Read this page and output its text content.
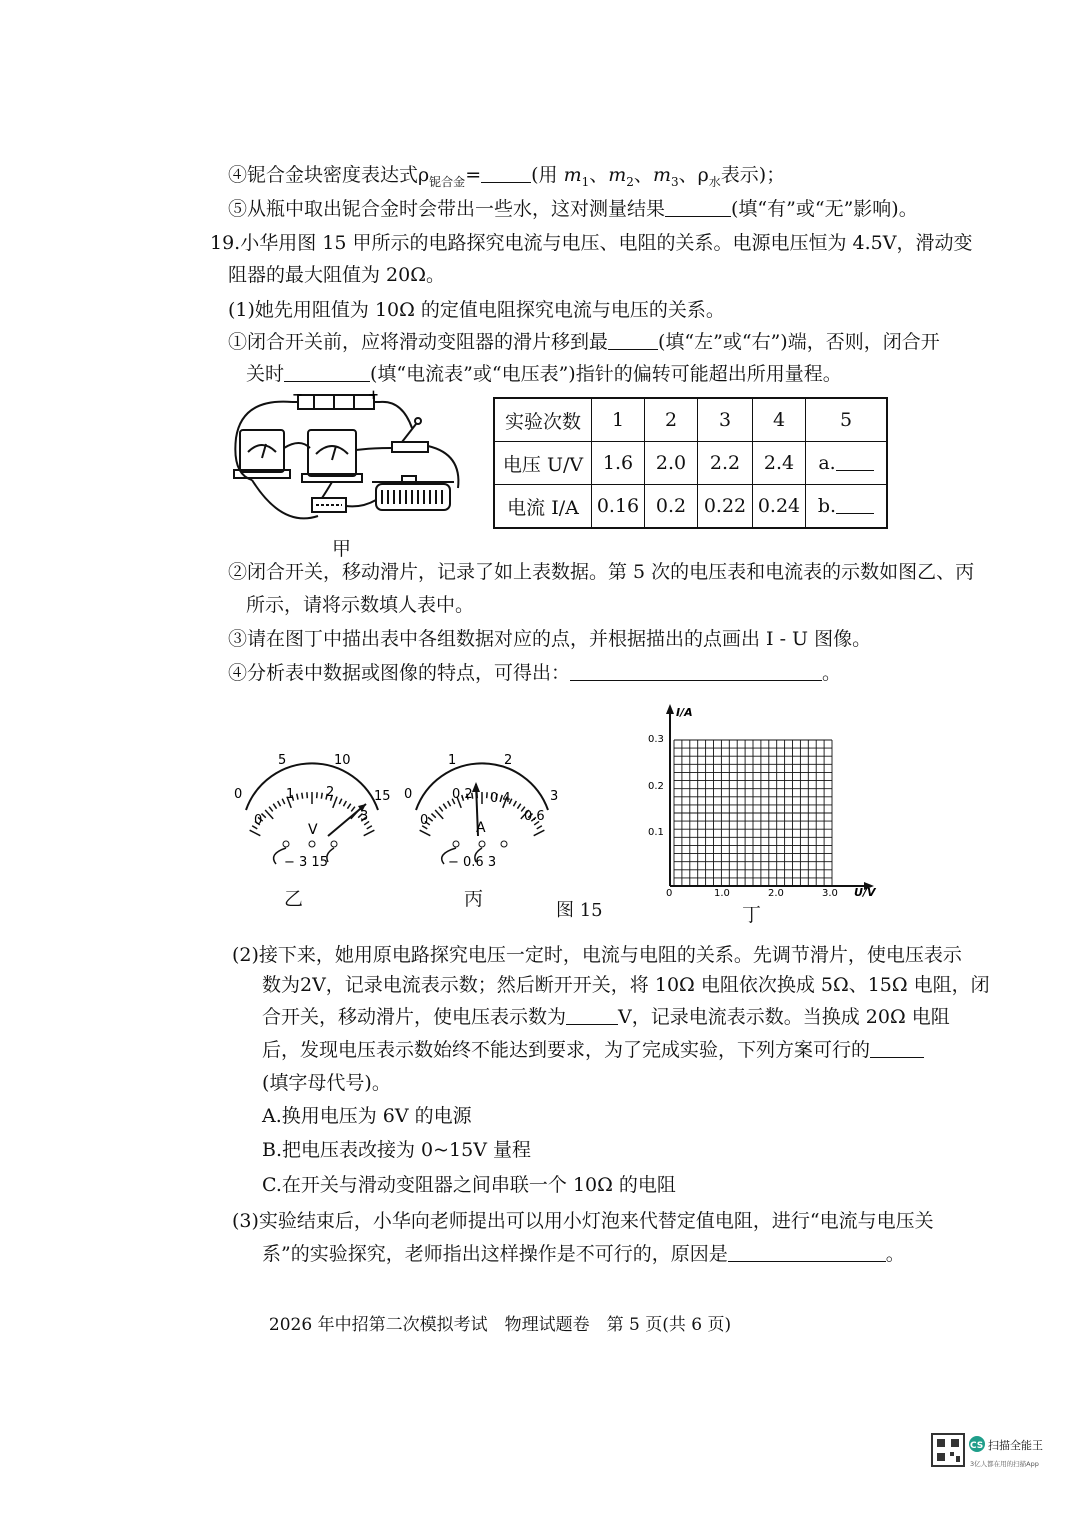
④铌合金块密度表达式$\rho_{铌合金}=$	(用 $m_1$、$m_2$、$m_3$、$\rho_水$表示)；
⑤从瓶中取出铌合金时会带出一些水，这对测量结果	(填“有”或“无”影响)。
19.小华用图 15 甲所示的电路探究电流与电压、电阻的关系。电源电压恒为 4.5V，滑动变
阻器的最大阻值为 20Ω。
(1)她先用阻值为 10Ω 的定值电阻探究电流与电压的关系。
①闭合开关前，应将滑动变阻器的滑片移到最	(填“左”或“右”)端，否则，闭合开
关时	(填“电流表”或“电压表”)指针的偏转可能超出所用量程。
−	+
甲
实验次数	1	2	3	4	5
电压 U/V	1.6	2.0	2.2	2.4	a.
电流 I/A	0.16	0.2	0.22	0.24	b.
②闭合开关，移动滑片，记录了如上表数据。第 5 次的电压表和电流表的示数如图乙、丙
所示，请将示数填人表中。
③请在图丁中描出表中各组数据对应的点，并根据描出的点画出 I - U 图像。
④分析表中数据或图像的特点，可得出：	。
0
5	10
15
0
1 2
3
V
− 3 15
乙
0
1	2
3
0
0.2 0.4
0.6
A
− 0.6 3
丙
图 15
I/A
U/V
0.1
0.2
0.3
0	1.0	2.0	3.0
丁
(2)接下来，她用原电路探究电压一定时，电流与电阻的关系。先调节滑片，使电压表示
数为2V，记录电流表示数；然后断开开关，将 10Ω 电阻依次换成 5Ω、15Ω 电阻，闭
合开关，移动滑片，使电压表示数为	V，记录电流表示数。当换成 20Ω 电阻
后，发现电压表示数始终不能达到要求，为了完成实验，下列方案可行的
(填字母代号)。
A.换用电压为 6V 的电源
B.把电压表改接为 0~15V 量程
C.在开关与滑动变阻器之间串联一个 10Ω 的电阻
(3)实验结束后，小华向老师提出可以用小灯泡来代替定值电阻，进行“电流与电压关
系”的实验探究，老师指出这样操作是不可行的，原因是	。
2026 年中招第二次模拟考试　物理试题卷　第 5 页(共 6 页)
CS 扫描全能王
3亿人都在用的扫描App
